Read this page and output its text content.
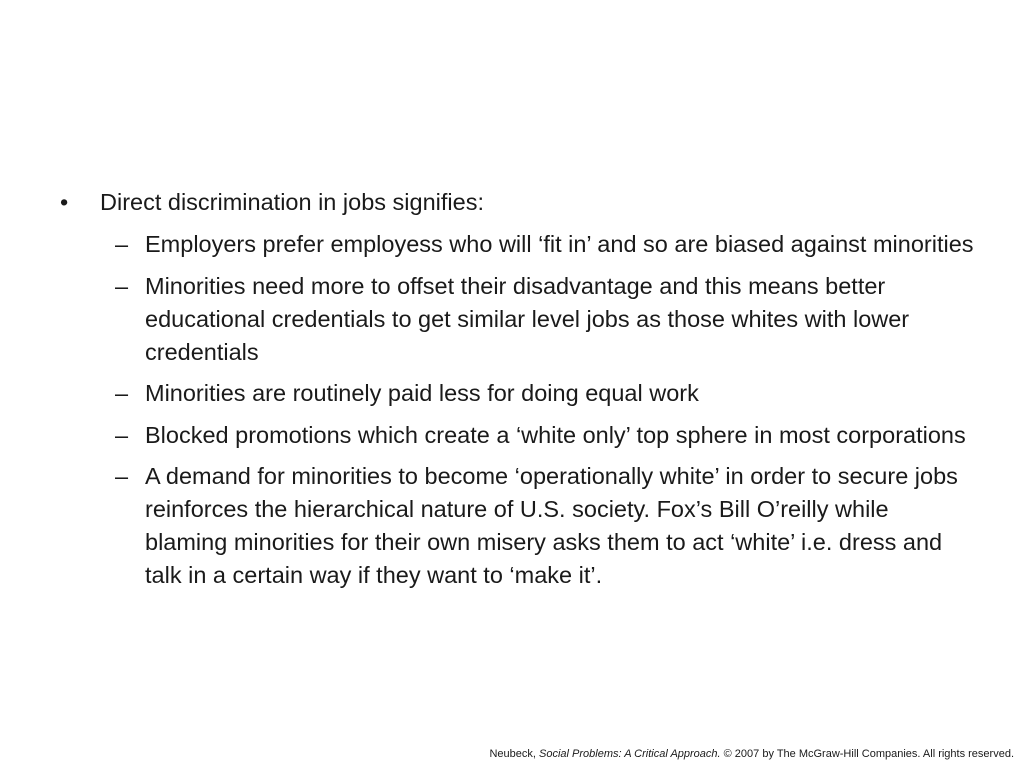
•	Direct discrimination in jobs signifies:
– Employers prefer employess who will ‘fit in’ and so are biased against minorities
– Minorities need more to offset their disadvantage and this means better educational credentials to get similar level jobs as those whites with lower credentials
– Minorities are routinely paid less for doing equal work
– Blocked promotions which create a ‘white only’ top sphere in most corporations
– A demand for minorities to become ‘operationally white’ in order to secure jobs reinforces the hierarchical nature of U.S. society. Fox’s Bill O’reilly while blaming minorities for their own misery asks them to act ‘white’ i.e. dress and talk in a certain way if they want to ‘make it’.
Neubeck, Social Problems: A Critical Approach. © 2007 by The McGraw-Hill Companies. All rights reserved.
